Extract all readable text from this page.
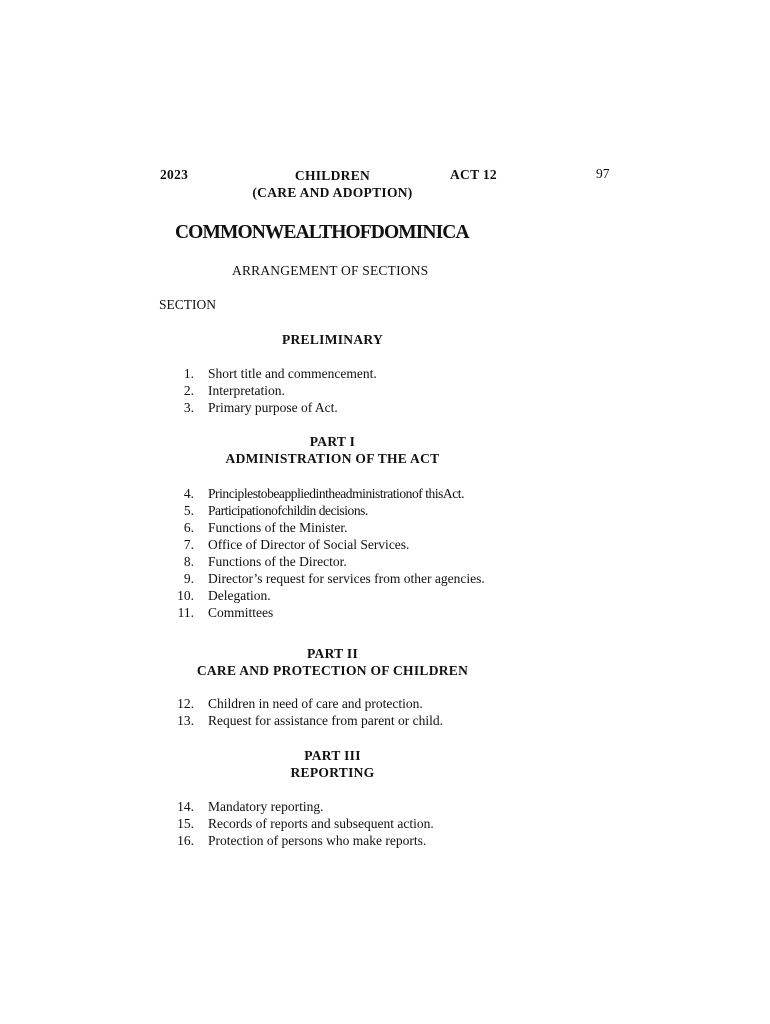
2023	CHILDREN
(CARE AND ADOPTION)
ACT 12	97
COMMONWEALTHOFDOMINICA
ARRANGEMENT OF SECTIONS
SECTION
PRELIMINARY
1.	Short title and commencement.
2.	Interpretation.
3.	Primary purpose of Act.
PART I
ADMINISTRATION OF THE ACT
4.	Principlestobeappliedintheadministrationof thisAct.
5.	Participationofchildin decisions.
6.	Functions of the Minister.
7.	Office of Director of Social Services.
8.	Functions of the Director.
9.	Director’s request for services from other agencies.
10.	Delegation.
11.	Committees
PART II
CARE AND PROTECTION OF CHILDREN
12.	Children in need of care and protection.
13.	Request for assistance from parent or child.
PART III
REPORTING
14.	Mandatory reporting.
15.	Records of reports and subsequent action.
16.	Protection of persons who make reports.
